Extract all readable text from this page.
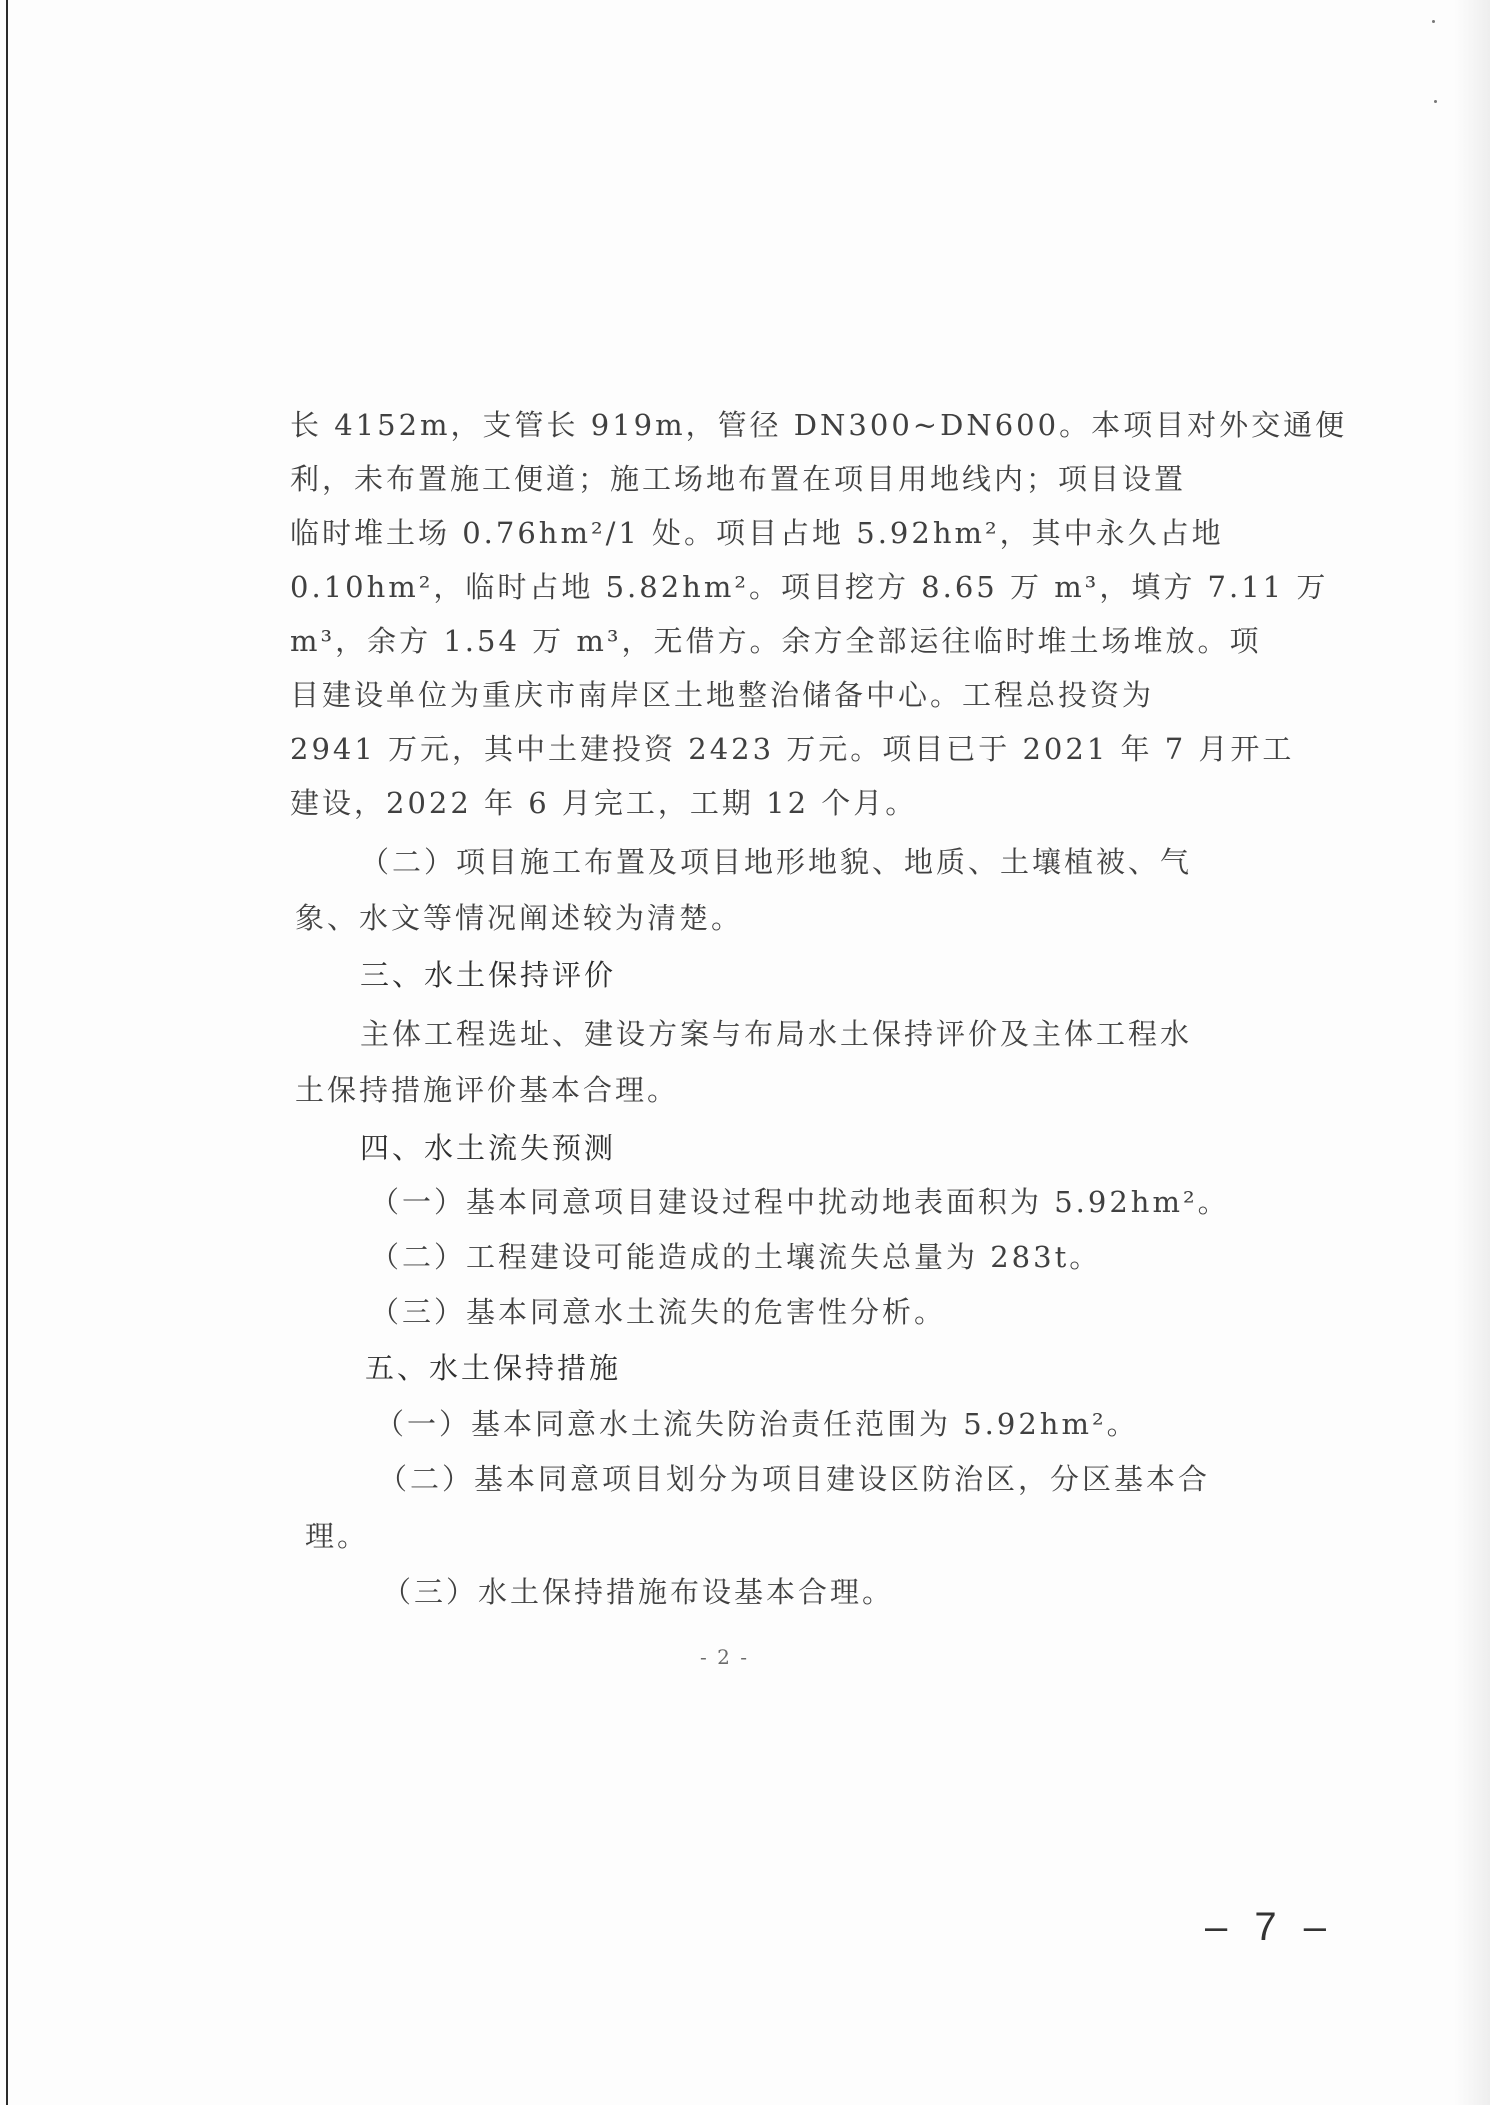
长 4152m，支管长 919m，管径 DN300~DN600。本项目对外交通便
利，未布置施工便道；施工场地布置在项目用地线内；项目设置
临时堆土场 0.76hm²/1 处。项目占地 5.92hm²，其中永久占地
0.10hm²，临时占地 5.82hm²。项目挖方 8.65 万 m³，填方 7.11 万
m³，余方 1.54 万 m³，无借方。余方全部运往临时堆土场堆放。项
目建设单位为重庆市南岸区土地整治储备中心。工程总投资为
2941 万元，其中土建投资 2423 万元。项目已于 2021 年 7 月开工
建设，2022 年 6 月完工，工期 12 个月。
（二）项目施工布置及项目地形地貌、地质、土壤植被、气
象、水文等情况阐述较为清楚。
三、水土保持评价
主体工程选址、建设方案与布局水土保持评价及主体工程水
土保持措施评价基本合理。
四、水土流失预测
（一）基本同意项目建设过程中扰动地表面积为 5.92hm²。
（二）工程建设可能造成的土壤流失总量为 283t。
（三）基本同意水土流失的危害性分析。
五、水土保持措施
（一）基本同意水土流失防治责任范围为 5.92hm²。
（二）基本同意项目划分为项目建设区防治区，分区基本合
理。
（三）水土保持措施布设基本合理。
- 2 -
– 7 –
